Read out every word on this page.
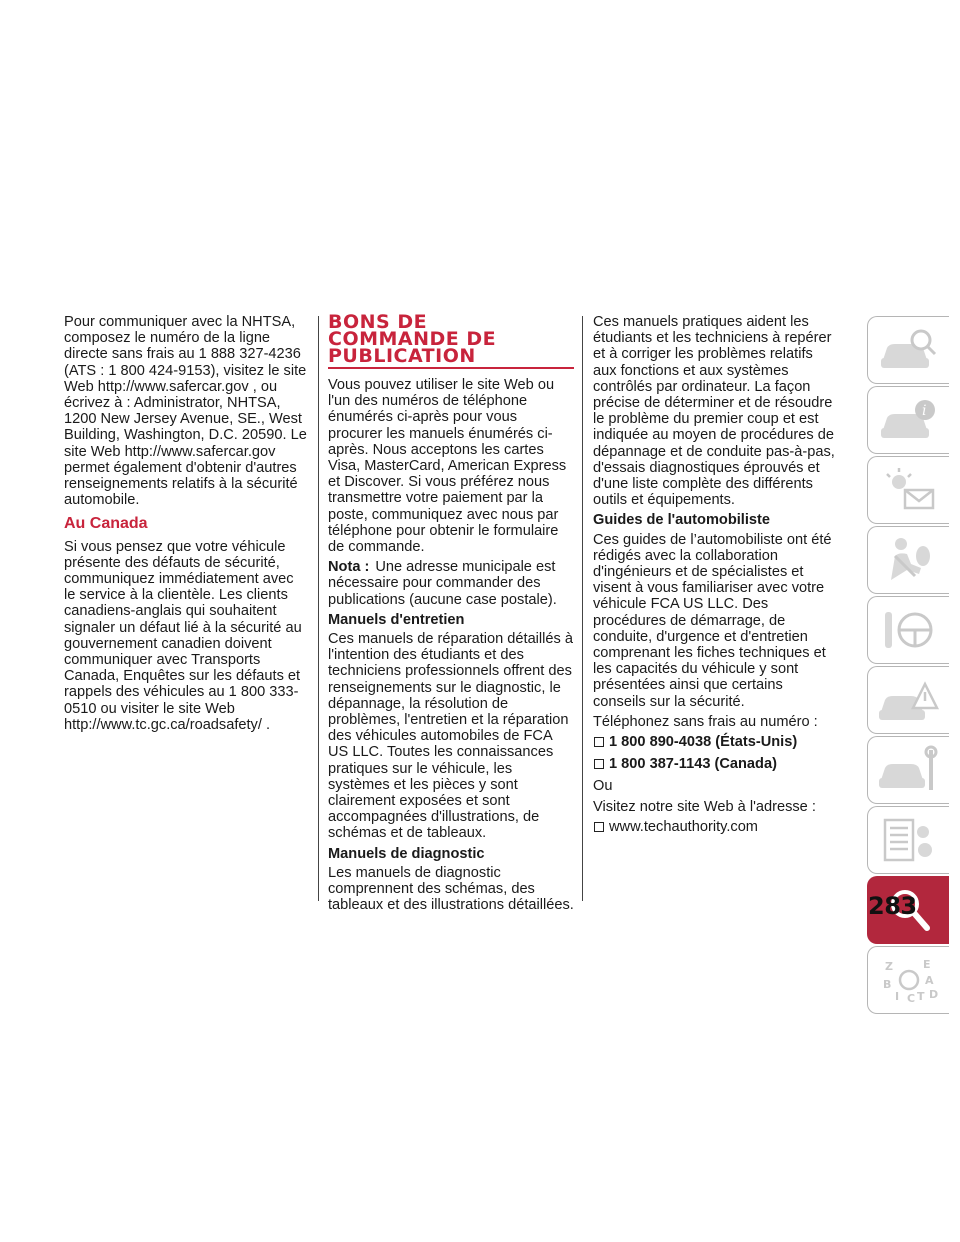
Pour communiquer avec la NHTSA, composez le numéro de la ligne directe sans frais au 1 888 327-4236 (ATS : 1 800 424-9153), visitez le site Web http://www.safercar.gov , ou écrivez à : Administrator, NHTSA, 1200 New Jersey Avenue, SE., West Building, Washington, D.C. 20590. Le site Web http://www.safercar.gov permet également d'obtenir d'autres renseignements relatifs à la sécurité automobile.

Au Canada

Si vous pensez que votre véhicule présente des défauts de sécurité, communiquez immédiatement avec le service à la clientèle. Les clients canadiens-anglais qui souhaitent signaler un défaut lié à la sécurité au gouvernement canadien doivent communiquer avec Transports Canada, Enquêtes sur les défauts et rappels des véhicules au 1 800 333-0510 ou visiter le site Web http://www.tc.gc.ca/roadsafety/ .

BONS DE
COMMANDE DE
PUBLICATION

Vous pouvez utiliser le site Web ou l'un des numéros de téléphone énumérés ci-après pour vous procurer les manuels énumérés ci-après. Nous acceptons les cartes Visa, MasterCard, American Express et Discover. Si vous préférez nous transmettre votre paiement par la poste, communiquez avec nous par téléphone pour obtenir le formulaire de commande.

Nota : Une adresse municipale est nécessaire pour commander des publications (aucune case postale).

Manuels d'entretien

Ces manuels de réparation détaillés à l'intention des étudiants et des techniciens professionnels offrent des renseignements sur le diagnostic, le dépannage, la résolution de problèmes, l'entretien et la réparation des véhicules automobiles de FCA US LLC. Toutes les connaissances pratiques sur le véhicule, les systèmes et les pièces y sont clairement exposées et sont accompagnées d'illustrations, de schémas et de tableaux.

Manuels de diagnostic

Les manuels de diagnostic comprennent des schémas, des tableaux et des illustrations détaillées.

Ces manuels pratiques aident les étudiants et les techniciens à repérer et à corriger les problèmes relatifs aux fonctions et aux systèmes contrôlés par ordinateur. La façon précise de déterminer et de résoudre le problème du premier coup et est indiquée au moyen de procédures de dépannage et de conduite pas-à-pas, d'essais diagnostiques éprouvés et d'une liste complète des différents outils et équipements.

Guides de l'automobiliste

Ces guides de l’automobiliste ont été rédigés avec la collaboration d'ingénieurs et de spécialistes et visent à vous familiariser avec votre véhicule FCA US LLC. Des procédures de démarrage, de conduite, d'urgence et d'entretien comprenant les fiches techniques et les capacités du véhicule y sont présentées ainsi que certains conseils sur la sécurité.

Téléphonez sans frais au numéro :

1 800 890-4038 (États-Unis)
1 800 387-1143 (Canada)

Ou

Visitez notre site Web à l'adresse :

www.techauthority.com
i
Z	E
B	A
I C T D
283
